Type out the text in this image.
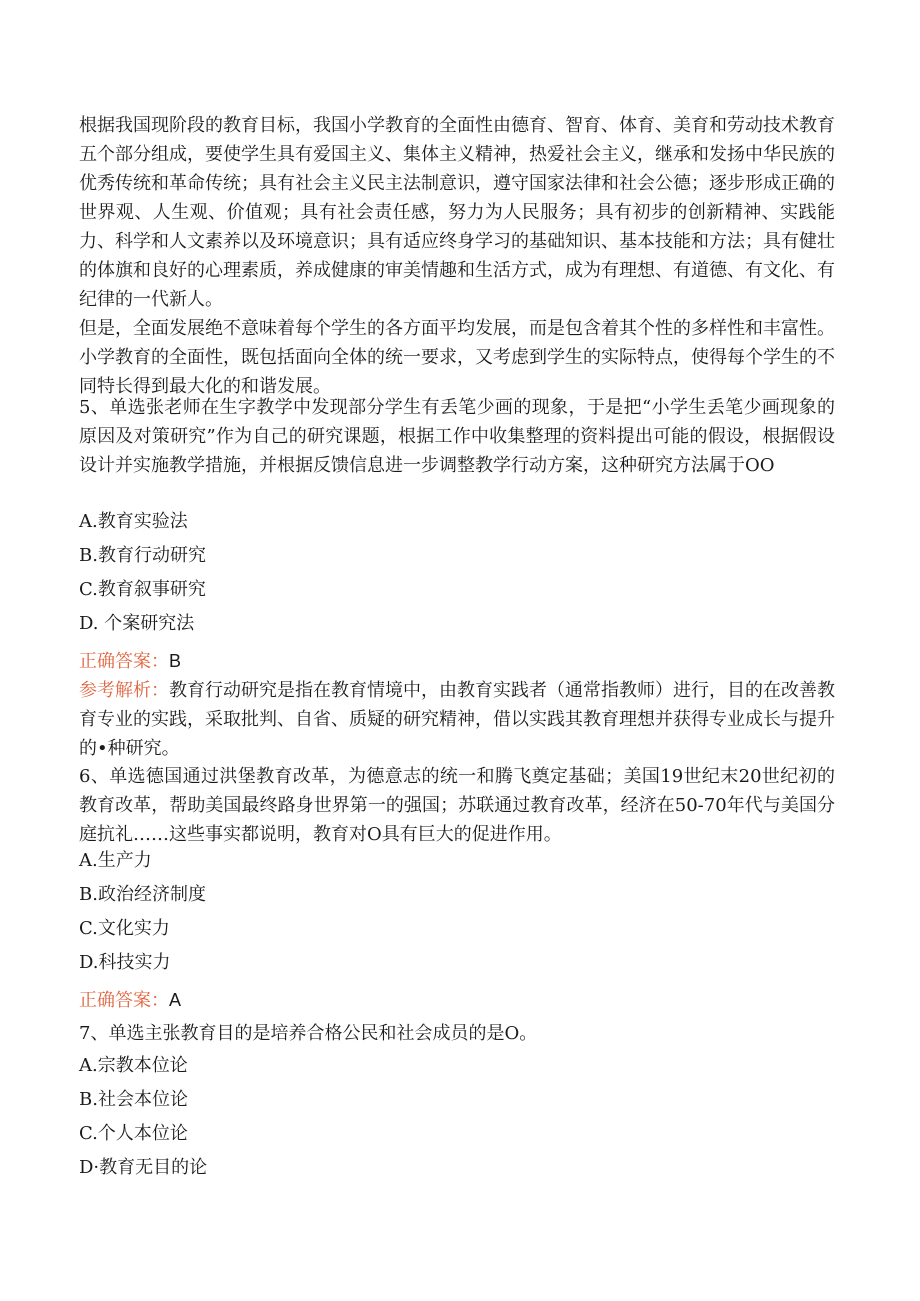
根据我国现阶段的教育目标，我国小学教育的全面性由德育、智育、体育、美育和劳动技术教育五个部分组成，要使学生具有爱国主义、集体主义精神，热爱社会主义，继承和发扬中华民族的优秀传统和革命传统；具有社会主义民主法制意识，遵守国家法律和社会公德；逐步形成正确的世界观、人生观、价值观；具有社会责任感，努力为人民服务；具有初步的创新精神、实践能力、科学和人文素养以及环境意识；具有适应终身学习的基础知识、基本技能和方法；具有健壮的体旗和良好的心理素质，养成健康的审美情趣和生活方式，成为有理想、有道德、有文化、有纪律的一代新人。

但是，全面发展绝不意味着每个学生的各方面平均发展，而是包含着其个性的多样性和丰富性。小学教育的全面性，既包括面向全体的统一要求，又考虑到学生的实际特点，使得每个学生的不同特长得到最大化的和谐发展。

5、单选张老师在生字教学中发现部分学生有丢笔少画的现象，于是把“小学生丢笔少画现象的原因及对策研究”作为自己的研究课题，根据工作中收集整理的资料提出可能的假设，根据假设设计并实施教学措施，并根据反馈信息进一步调整教学行动方案，这种研究方法属于OO

A.教育实验法

B.教育行动研究

C.教育叙事研究

D. 个案研究法

正确答案：B

参考解析：教育行动研究是指在教育情境中，由教育实践者（通常指教师）进行，目的在改善教育专业的实践，采取批判、自省、质疑的研究精神，借以实践其教育理想并获得专业成长与提升的•种研究。

6、单选德国通过洪堡教育改革，为德意志的统一和腾飞奠定基础；美国19世纪末20世纪初的教育改革，帮助美国最终路身世界第一的强国；苏联通过教育改革，经济在50-70年代与美国分庭抗礼……这些事实都说明，教育对O具有巨大的促进作用。

A.生产力

B.政治经济制度

C.文化实力

D.科技实力

正确答案：A

7、单选主张教育目的是培养合格公民和社会成员的是O。

A.宗教本位论

B.社会本位论

C.个人本位论

D·教育无目的论
